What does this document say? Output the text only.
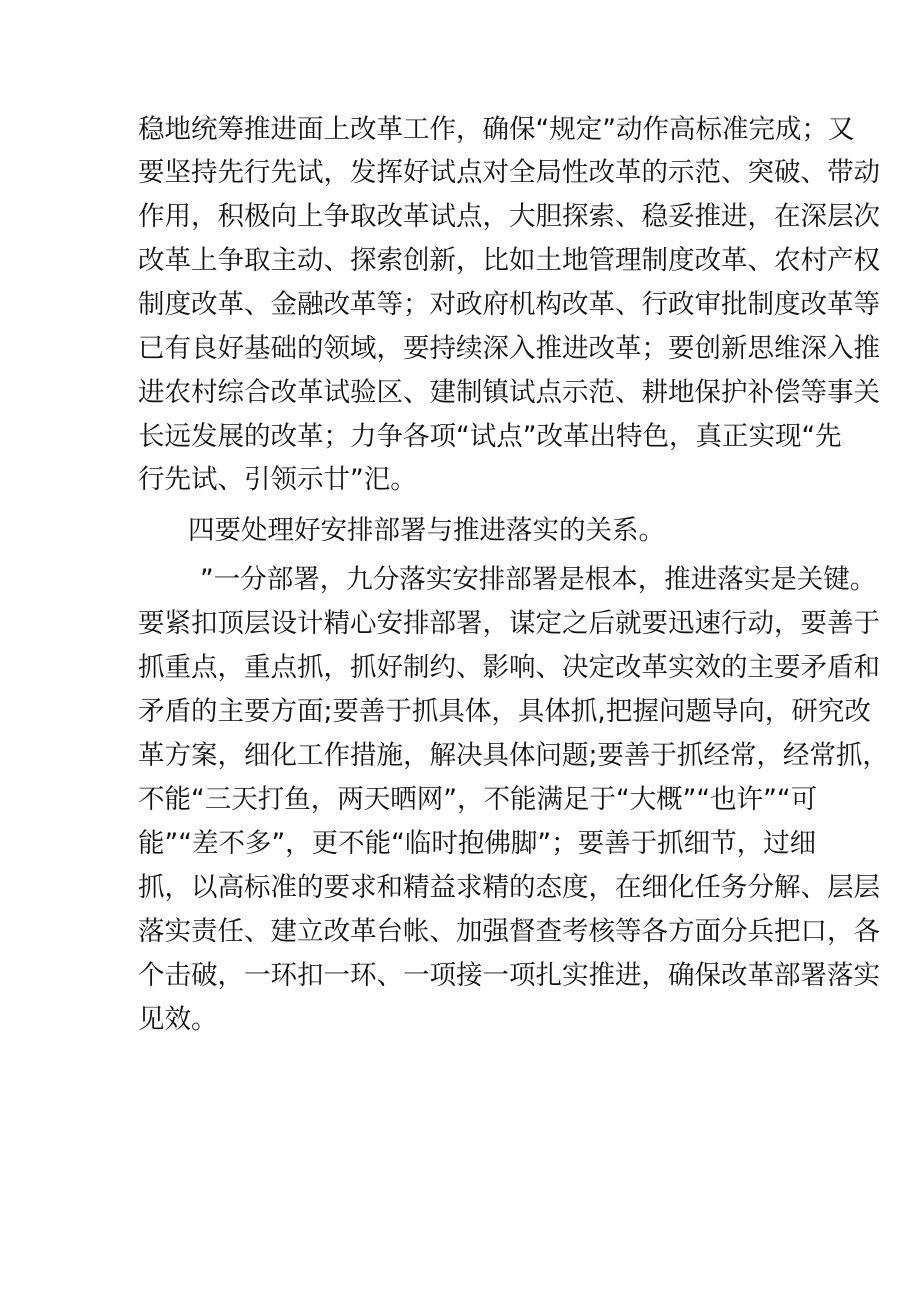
稳地统筹推进面上改革工作，确保“规定”动作高标准完成；又

要坚持先行先试，发挥好试点对全局性改革的示范、突破、带动

作用，积极向上争取改革试点，大胆探索、稳妥推进，在深层次

改革上争取主动、探索创新，比如土地管理制度改革、农村产权

制度改革、金融改革等；对政府机构改革、行政审批制度改革等

已有良好基础的领域，要持续深入推进改革；要创新思维深入推

进农村综合改革试验区、建制镇试点示范、耕地保护补偿等事关

长远发展的改革；力争各项“试点”改革出特色，真正实现“先

行先试、引领示廿”汜。

四要处理好安排部署与推进落实的关系。

”一分部署，九分落实安排部署是根本，推进落实是关键。

要紧扣顶层设计精心安排部署，谋定之后就要迅速行动，要善于

抓重点，重点抓，抓好制约、影响、决定改革实效的主要矛盾和

矛盾的主要方面;要善于抓具体，具体抓,把握问题导向，研究改

革方案，细化工作措施，解决具体问题;要善于抓经常，经常抓，

不能“三天打鱼，两天晒网”，不能满足于“大概”“也许”“可

能”“差不多”，更不能“临时抱佛脚”；要善于抓细节，过细

抓，以高标准的要求和精益求精的态度，在细化任务分解、层层

落实责任、建立改革台帐、加强督查考核等各方面分兵把口，各

个击破，一环扣一环、一项接一项扎实推进，确保改革部署落实

见效。
